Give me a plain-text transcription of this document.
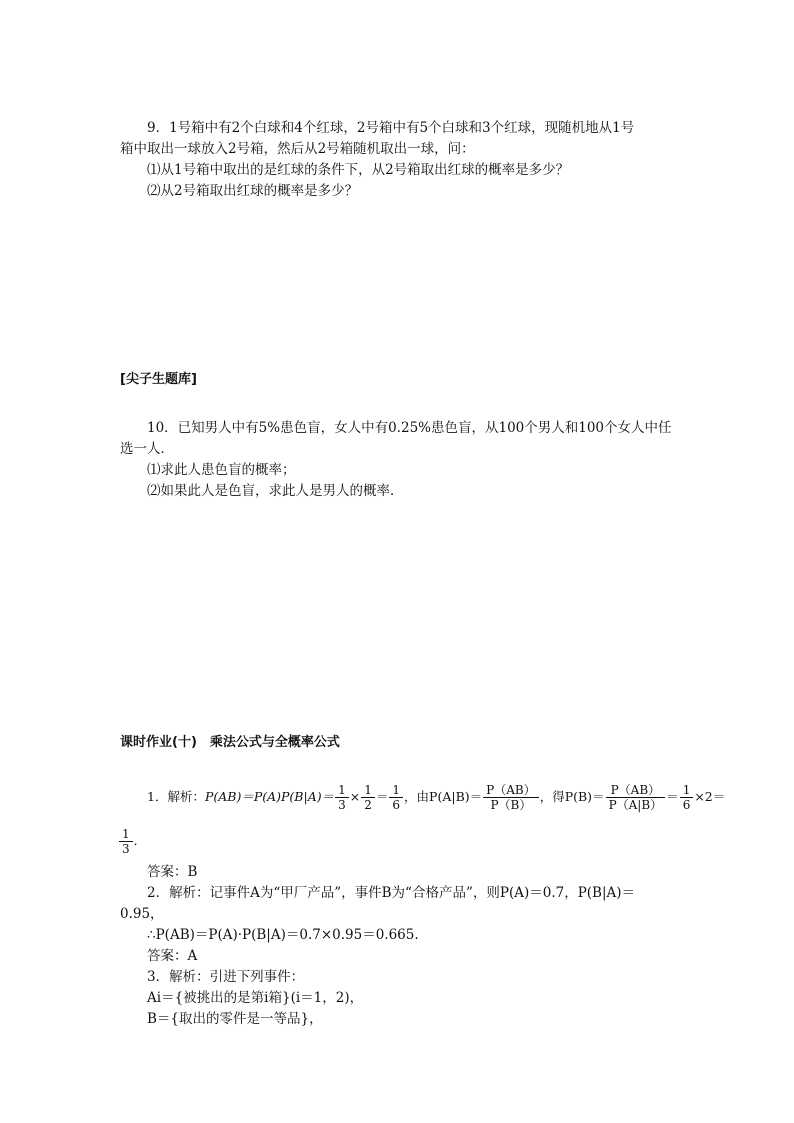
9．1号箱中有2个白球和4个红球，2号箱中有5个白球和3个红球，现随机地从1号
箱中取出一球放入2号箱，然后从2号箱随机取出一球，问：
⑴从1号箱中取出的是红球的条件下，从2号箱取出红球的概率是多少？
⑵从2号箱取出红球的概率是多少？
[尖子生题库]
10．已知男人中有5%患色盲，女人中有0.25%患色盲，从100个男人和100个女人中任
选一人．
⑴求此人患色盲的概率；
⑵如果此人是色盲，求此人是男人的概率．
课时作业(十)　乘法公式与全概率公式
1．解析：$P(AB)=P(A)P(B|A)= \frac{1}{3} \times \frac{1}{2} = \frac{1}{6}$ ，由$P(A|B)= \frac{P(AB)}{P(B)}$ ，得$P(B)= \frac{P(AB)}{P(A|B)} = \frac{1}{6} \times 2=$
$\frac{1}{3}$ ．
答案：B
2．解析：记事件A为“甲厂产品”，事件B为“合格产品”，则P(A)＝0.7，P(B|A)＝
0.95，
∴P(AB)＝P(A)·P(B|A)＝0.7×0.95＝0.665.
答案：A
3．解析：引进下列事件：
Ai＝{被挑出的是第i箱}(i＝1，2)，
B＝{取出的零件是一等品}，
